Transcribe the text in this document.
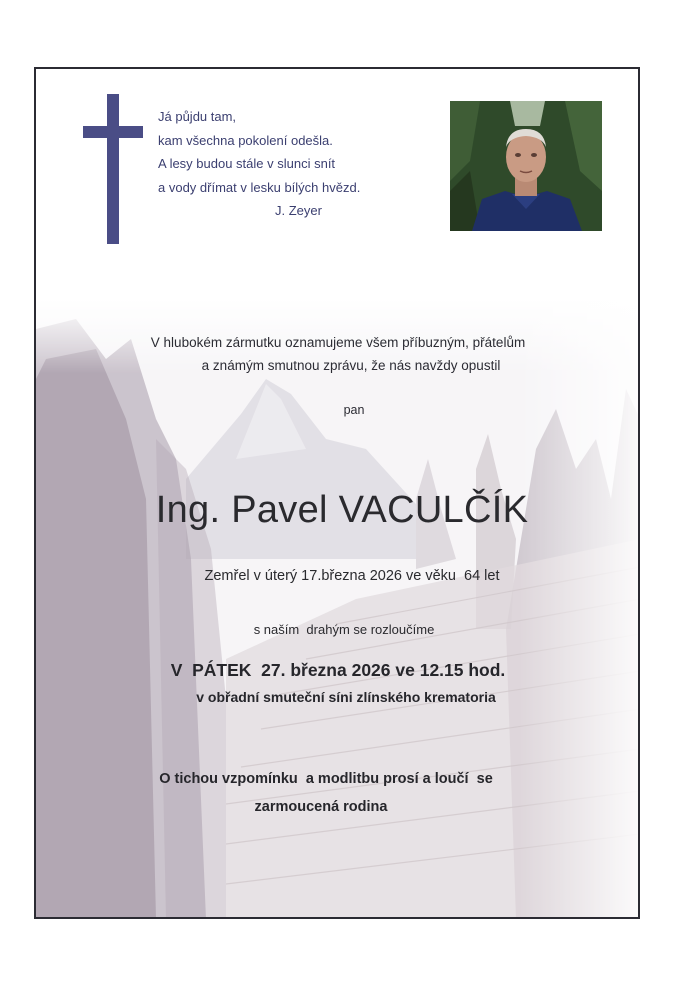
Já půjdu tam,
kam všechna pokolení odešla.
A lesy budou stále v slunci snít
a vody dřímat v lesku bílých hvězd.
J. Zeyer
V hlubokém zármutku oznamujeme všem příbuzným, přátelům
a známým smutnou zprávu, že nás navždy opustil
pan
Ing. Pavel VACULČÍK
Zemřel v úterý 17.března 2026 ve věku  64 let
s naším  drahým se rozloučíme
V  PÁTEK  27. března 2026 ve 12.15 hod.
v obřadní smuteční síni zlínského krematoria
O tichou vzpomínku  a modlitbu prosí a loučí  se
zarmoucená rodina
